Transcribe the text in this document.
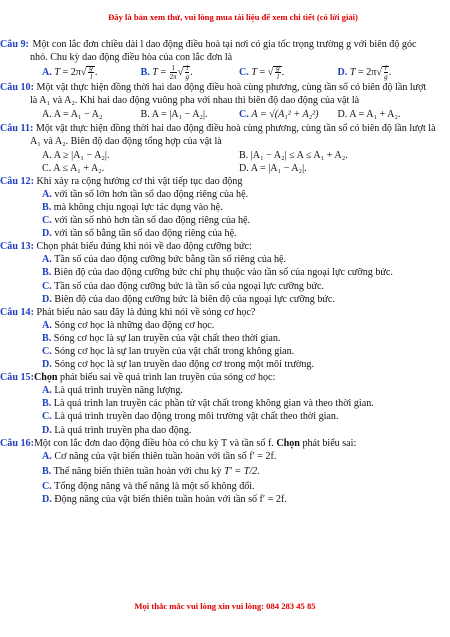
Đây là bản xem thử, vui lòng mua tài liệu để xem chi tiết (có lời giải)
Câu 9: Một con lắc đơn chiều dài l dao động điều hoà tại nơi có gia tốc trọng trường g với biên độ góc nhỏ. Chu kỳ dao động điều hòa của con lắc đơn là
A. $T = 2\pi√ \frac{g}{l}$ .	B. $T = \frac{1}{2\pi}$ √ $\frac{l}{g}$ .	C. T = √ $\frac{g}{l}$ .	D. $T = 2\pi√ \frac{l}{g}$ .
Câu 10: Một vật thực hiện đồng thời hai dao động điều hoà cùng phương, cùng tần số có biên độ lần lượt là A₁ và A₂. Khi hai dao động vuông pha với nhau thì biên độ dao động của vật là
A. A = A₁ − A₂	B. A = |A₁ − A₂|.	C. A = √(A₁² + A₂²)	D. A = A₁ + A₂.
Câu 11: Một vật thực hiện đồng thời hai dao động điều hoà cùng phương, cùng tần số có biên độ lần lượt là A₁ và A₂. Biên độ dao động tổng hợp của vật là
A. A ≥ |A₁ − A₂|.	B. |A₁ − A₂| ≤ A ≤ A₁ + A₂.
C. A ≤ A₁ + A₂.	D. A = |A₁ − A₂|.
Câu 12: Khi xảy ra cộng hưởng cơ thì vật tiếp tục dao động
A. với tần số lớn hơn tần số dao động riêng của hệ.
B. mà không chịu ngoại lực tác dụng vào hệ.
C. với tần số nhỏ hơn tần số dao động riêng của hệ.
D. với tần số bằng tần số dao động riêng của hệ.
Câu 13: Chọn phát biểu đúng khi nói về dao động cưỡng bức:
A. Tần số của dao động cưỡng bức bằng tần số riêng của hệ.
B. Biên độ của dao động cưỡng bức chỉ phụ thuộc vào tần số của ngoại lực cưỡng bức.
C. Tần số của dao động cưỡng bức là tần số của ngoại lực cưỡng bức.
D. Biên độ của dao động cưỡng bức là biên độ của ngoại lực cưỡng bức.
Câu 14: Phát biểu nào sau đây là đúng khi nói về sóng cơ học?
A. Sóng cơ học là những dao động cơ học.
B. Sóng cơ học là sự lan truyền của vật chất theo thời gian.
C. Sóng cơ học là sự lan truyền của vật chất trong không gian.
D. Sóng cơ học là sự lan truyền dao động cơ trong một môi trường.
Câu 15:Chọn phát biểu sai về quá trình lan truyền của sóng cơ học:
A. Là quá trình truyền năng lượng.
B. Là quá trình lan truyền các phần tử vật chất trong không gian và theo thời gian.
C. Là quá trình truyền dao động trong môi trường vật chất theo thời gian.
D. Là quá trình truyền pha dao động.
Câu 16:Một con lắc đơn dao động điều hòa có chu kỳ T và tần số f. Chọn phát biểu sai:
A. Cơ năng của vật biến thiên tuần hoàn với tần số f′ = 2f.
B. Thế năng biến thiên tuần hoàn với chu kỳ T′ = T/2.
C. Tổng động năng và thế năng là một số không đổi.
D. Động năng của vật biến thiên tuần hoàn với tần số f′ = 2f.
Mọi thắc mắc vui lòng xin vui lòng: 084 283 45 85
